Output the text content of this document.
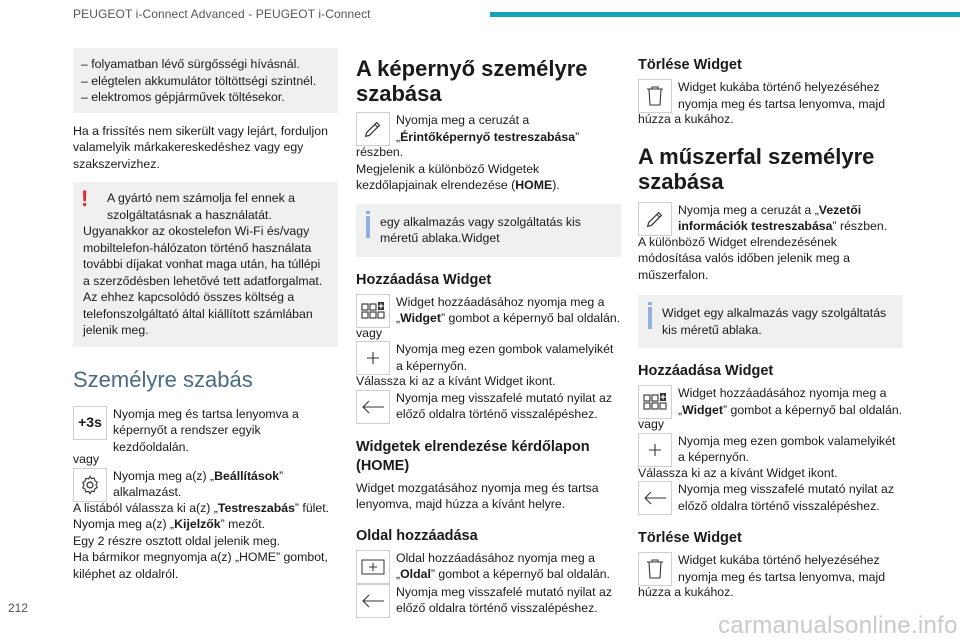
PEUGEOT i-Connect Advanced - PEUGEOT i-Connect

– folyamatban lévő sürgősségi hívásnál.

– elégtelen akkumulátor töltöttségi szintnél.

– elektromos gépjárművek töltésekor.

Ha a frissítés nem sikerült vagy lejárt, forduljon valamelyik márkakereskedéshez vagy egy szakszervizhez.

!	A gyártó nem számolja fel ennek a szolgáltatásnak a használatát.

Ugyanakkor az okostelefon Wi-Fi és/vagy mobiltelefon-hálózaton történő használata további díjakat vonhat maga után, ha túllépi a szerződésben lehetővé tett adatforgalmat. Az ehhez kapcsolódó összes költség a telefonszolgáltató által kiállított számlában jelenik meg.

Személyre szabás
+3s

Nyomja meg és tartsa lenyomva a képernyőt a rendszer egyik kezdőoldalán.

vagy

Nyomja meg a(z) „Beállítások” alkalmazást.

A listából válassza ki a(z) „Testreszabás” fület.

Nyomja meg a(z) „Kijelzők” mezőt.

Egy 2 részre osztott oldal jelenik meg.

Ha bármikor megnyomja a(z) „HOME” gombot, kiléphet az oldalról.

A képernyő személyre szabása

Nyomja meg a ceruzát a „Érintőképernyő testreszabása”

részben.

Megjelenik a különböző Widgetek kezdőlapjainak elrendezése (HOME).

egy alkalmazás vagy szolgáltatás kis méretű ablaka.Widget

Hozzáadása Widget

Widget hozzáadásához nyomja meg a „Widget” gombot a képernyő bal oldalán.

vagy

Nyomja meg ezen gombok valamelyikét a képernyőn.

Válassza ki az a kívánt Widget ikont.

Nyomja meg visszafelé mutató nyilat az előző oldalra történő visszalépéshez.

Widgetek elrendezése kérdőlapon (HOME)

Widget mozgatásához nyomja meg és tartsa lenyomva, majd húzza a kívánt helyre.

Oldal hozzáadása

Oldal hozzáadásához nyomja meg a „Oldal” gombot a képernyő bal oldalán.

Nyomja meg visszafelé mutató nyilat az előző oldalra történő visszalépéshez.

Törlése Widget

Widget kukába történő helyezéséhez nyomja meg és tartsa lenyomva, majd

húzza a kukához.

A műszerfal személyre szabása

Nyomja meg a ceruzát a „Vezetői információk testreszabása” részben.

A különböző Widget elrendezésének módosítása valós időben jelenik meg a műszerfalon.

Widget egy alkalmazás vagy szolgáltatás kis méretű ablaka.

Hozzáadása Widget

Widget hozzáadásához nyomja meg a „Widget” gombot a képernyő bal oldalán.

vagy

Nyomja meg ezen gombok valamelyikét a képernyőn.

Válassza ki az a kívánt Widget ikont.

Nyomja meg visszafelé mutató nyilat az előző oldalra történő visszalépéshez.

Törlése Widget

Widget kukába történő helyezéséhez nyomja meg és tartsa lenyomva, majd

húzza a kukához.

212
carmanualsonline.info
